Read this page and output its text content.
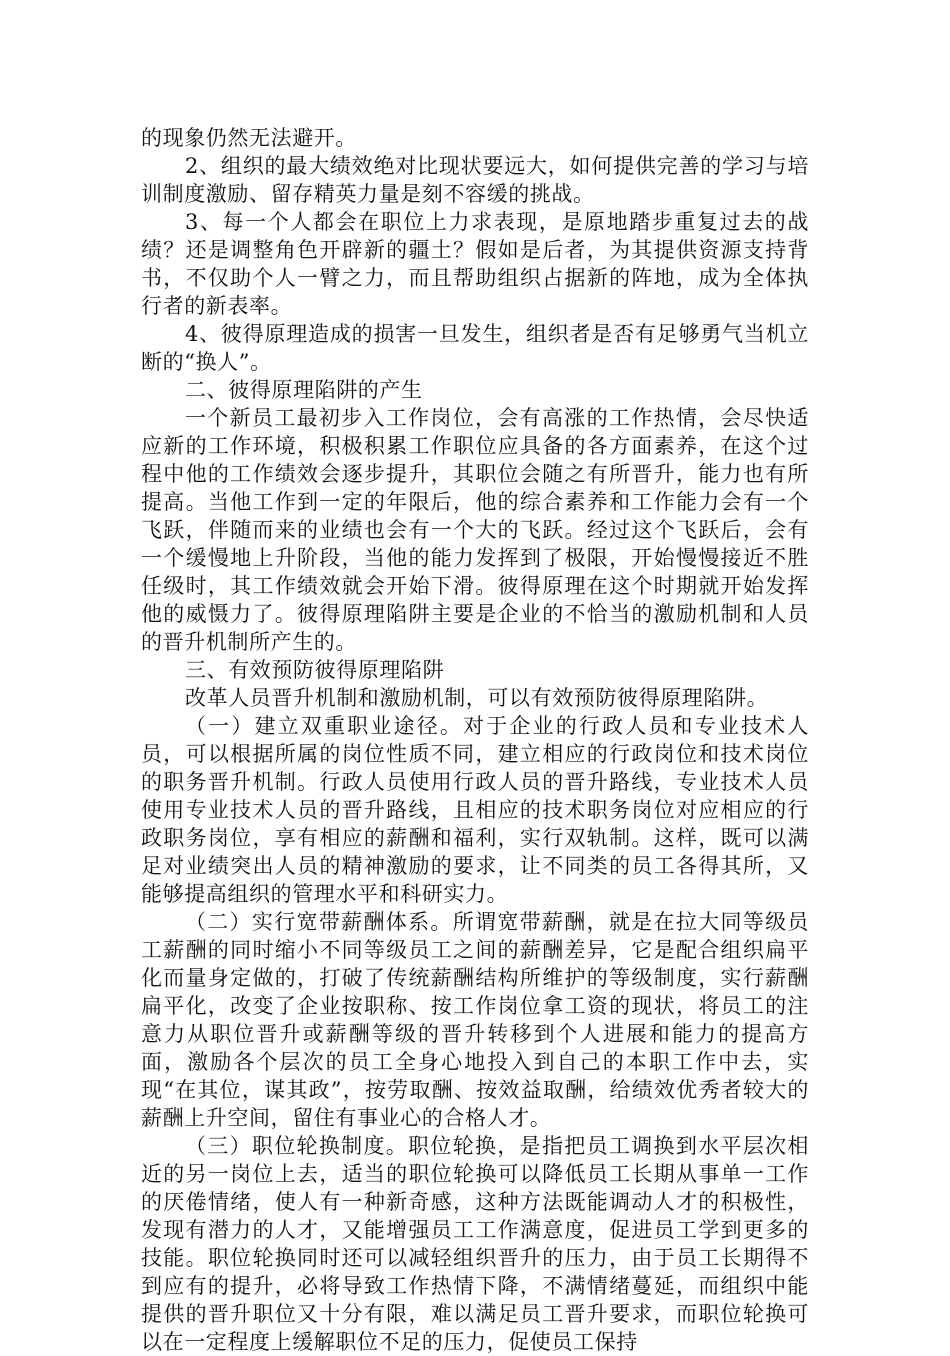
的现象仍然无法避开。

2、组织的最大绩效绝对比现状要远大，如何提供完善的学习与培训制度激励、留存精英力量是刻不容缓的挑战。

3、每一个人都会在职位上力求表现，是原地踏步重复过去的战绩？还是调整角色开辟新的疆土？假如是后者，为其提供资源支持背书，不仅助个人一臂之力，而且帮助组织占据新的阵地，成为全体执行者的新表率。

4、彼得原理造成的损害一旦发生，组织者是否有足够勇气当机立断的“换人”。

二、彼得原理陷阱的产生

一个新员工最初步入工作岗位，会有高涨的工作热情，会尽快适应新的工作环境，积极积累工作职位应具备的各方面素养，在这个过程中他的工作绩效会逐步提升，其职位会随之有所晋升，能力也有所提高。当他工作到一定的年限后，他的综合素养和工作能力会有一个飞跃，伴随而来的业绩也会有一个大的飞跃。经过这个飞跃后，会有一个缓慢地上升阶段，当他的能力发挥到了极限，开始慢慢接近不胜任级时，其工作绩效就会开始下滑。彼得原理在这个时期就开始发挥他的威慑力了。彼得原理陷阱主要是企业的不恰当的激励机制和人员的晋升机制所产生的。

三、有效预防彼得原理陷阱

改革人员晋升机制和激励机制，可以有效预防彼得原理陷阱。

（一）建立双重职业途径。对于企业的行政人员和专业技术人员，可以根据所属的岗位性质不同，建立相应的行政岗位和技术岗位的职务晋升机制。行政人员使用行政人员的晋升路线，专业技术人员使用专业技术人员的晋升路线，且相应的技术职务岗位对应相应的行政职务岗位，享有相应的薪酬和福利，实行双轨制。这样，既可以满足对业绩突出人员的精神激励的要求，让不同类的员工各得其所，又能够提高组织的管理水平和科研实力。

（二）实行宽带薪酬体系。所谓宽带薪酬，就是在拉大同等级员工薪酬的同时缩小不同等级员工之间的薪酬差异，它是配合组织扁平化而量身定做的，打破了传统薪酬结构所维护的等级制度，实行薪酬扁平化，改变了企业按职称、按工作岗位拿工资的现状，将员工的注意力从职位晋升或薪酬等级的晋升转移到个人进展和能力的提高方面，激励各个层次的员工全身心地投入到自己的本职工作中去，实现“在其位，谋其政”，按劳取酬、按效益取酬，给绩效优秀者较大的薪酬上升空间，留住有事业心的合格人才。

（三）职位轮换制度。职位轮换，是指把员工调换到水平层次相近的另一岗位上去，适当的职位轮换可以降低员工长期从事单一工作的厌倦情绪，使人有一种新奇感，这种方法既能调动人才的积极性，发现有潜力的人才，又能增强员工工作满意度，促进员工学到更多的技能。职位轮换同时还可以减轻组织晋升的压力，由于员工长期得不到应有的提升，必将导致工作热情下降，不满情绪蔓延，而组织中能提供的晋升职位又十分有限，难以满足员工晋升要求，而职位轮换可以在一定程度上缓解职位不足的压力，促使员工保持
